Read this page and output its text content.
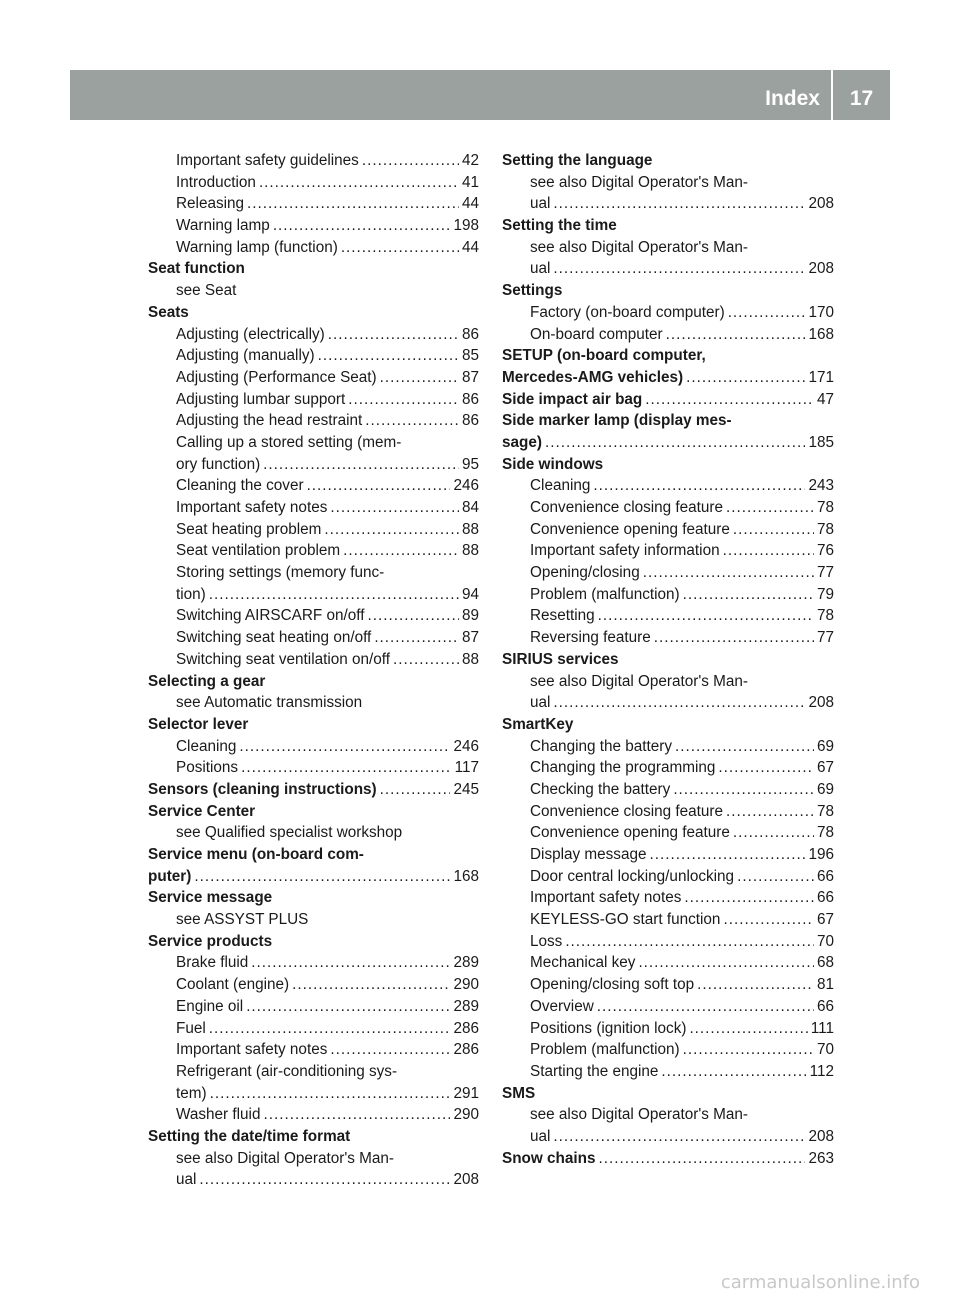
Index	17
Important safety guidelines .....	42
Introduction .....	41
Releasing .....	44
Warning lamp .....	198
Warning lamp (function) .....	44
Seat function
see Seat
Seats
Adjusting (electrically) .....	86
Adjusting (manually) .....	85
Adjusting (Performance Seat) .....	87
Adjusting lumbar support .....	86
Adjusting the head restraint .....	86
Calling up a stored setting (mem-
ory function) .....	95
Cleaning the cover .....	246
Important safety notes .....	84
Seat heating problem .....	88
Seat ventilation problem .....	88
Storing settings (memory func-
tion) .....	94
Switching AIRSCARF on/off .....	89
Switching seat heating on/off .....	87
Switching seat ventilation on/off .....	88
Selecting a gear
see Automatic transmission
Selector lever
Cleaning .....	246
Positions .....	117
Sensors (cleaning instructions) .....	245
Service Center
see Qualified specialist workshop
Service menu (on-board com-
puter) .....	168
Service message
see ASSYST PLUS
Service products
Brake fluid .....	289
Coolant (engine) .....	290
Engine oil .....	289
Fuel .....	286
Important safety notes .....	286
Refrigerant (air-conditioning sys-
tem) .....	291
Washer fluid .....	290
Setting the date/time format
see also Digital Operator's Man-
ual .....	208
Setting the language
see also Digital Operator's Man-
ual .....	208
Setting the time
see also Digital Operator's Man-
ual .....	208
Settings
Factory (on-board computer) .....	170
On-board computer .....	168
SETUP (on-board computer,
Mercedes-AMG vehicles) .....	171
Side impact air bag .....	47
Side marker lamp (display mes-
sage) .....	185
Side windows
Cleaning .....	243
Convenience closing feature .....	78
Convenience opening feature .....	78
Important safety information .....	76
Opening/closing .....	77
Problem (malfunction) .....	79
Resetting .....	78
Reversing feature .....	77
SIRIUS services
see also Digital Operator's Man-
ual .....	208
SmartKey
Changing the battery .....	69
Changing the programming .....	67
Checking the battery .....	69
Convenience closing feature .....	78
Convenience opening feature .....	78
Display message .....	196
Door central locking/unlocking .....	66
Important safety notes .....	66
KEYLESS-GO start function .....	67
Loss .....	70
Mechanical key .....	68
Opening/closing soft top .....	81
Overview .....	66
Positions (ignition lock) .....	111
Problem (malfunction) .....	70
Starting the engine .....	112
SMS
see also Digital Operator's Man-
ual .....	208
Snow chains .....	263
carmanualsonline.info
